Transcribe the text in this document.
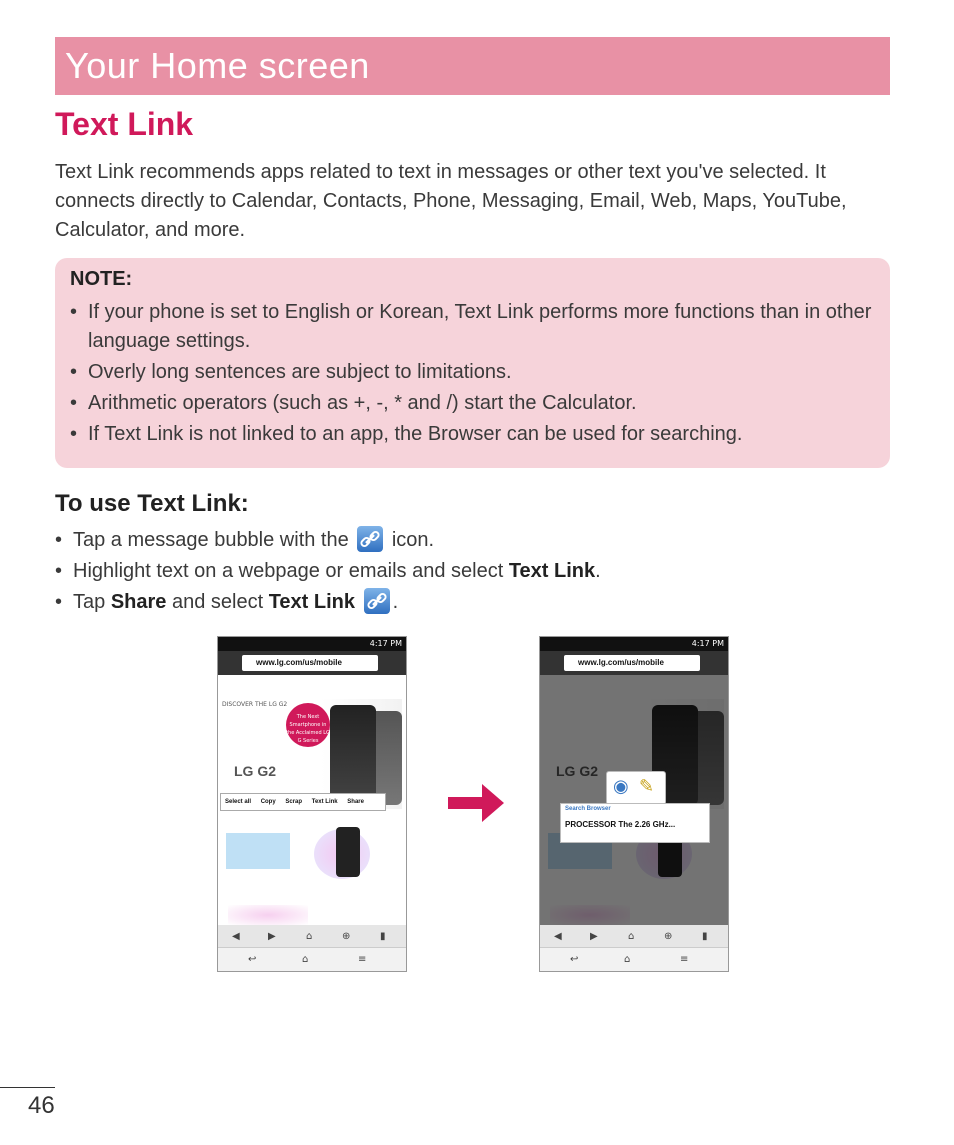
Your Home screen
Text Link

Text Link recommends apps related to text in messages or other text you've selected. It connects directly to Calendar, Contacts, Phone, Messaging, Email, Web, Maps, YouTube, Calculator, and more.

NOTE:

• If your phone is set to English or Korean, Text Link performs more functions than in other language settings.
• Overly long sentences are subject to limitations.
• Arithmetic operators (such as +, -, * and /) start the Calculator.
• If Text Link is not linked to an app, the Browser can be used for searching.
To use Text Link:
• Tap a message bubble with the icon.
• Highlight text on a webpage or emails and select Text Link.
• Tap Share and select Text Link .
4:17 PM
www.lg.com/us/mobile
The Next Smartphone in the Acclaimed LG G Series
LG G2
DISCOVER THE LG G2
Select all Copy Scrap Text Link Share
◀	▶	⌂	⊕	▮
↩	⌂	≡
4:17 PM
www.lg.com/us/mobile
◉ ✎
Search Browser
PROCESSOR The 2.26 GHz...
◀	▶	⌂	⊕	▮
↩	⌂	≡
46
